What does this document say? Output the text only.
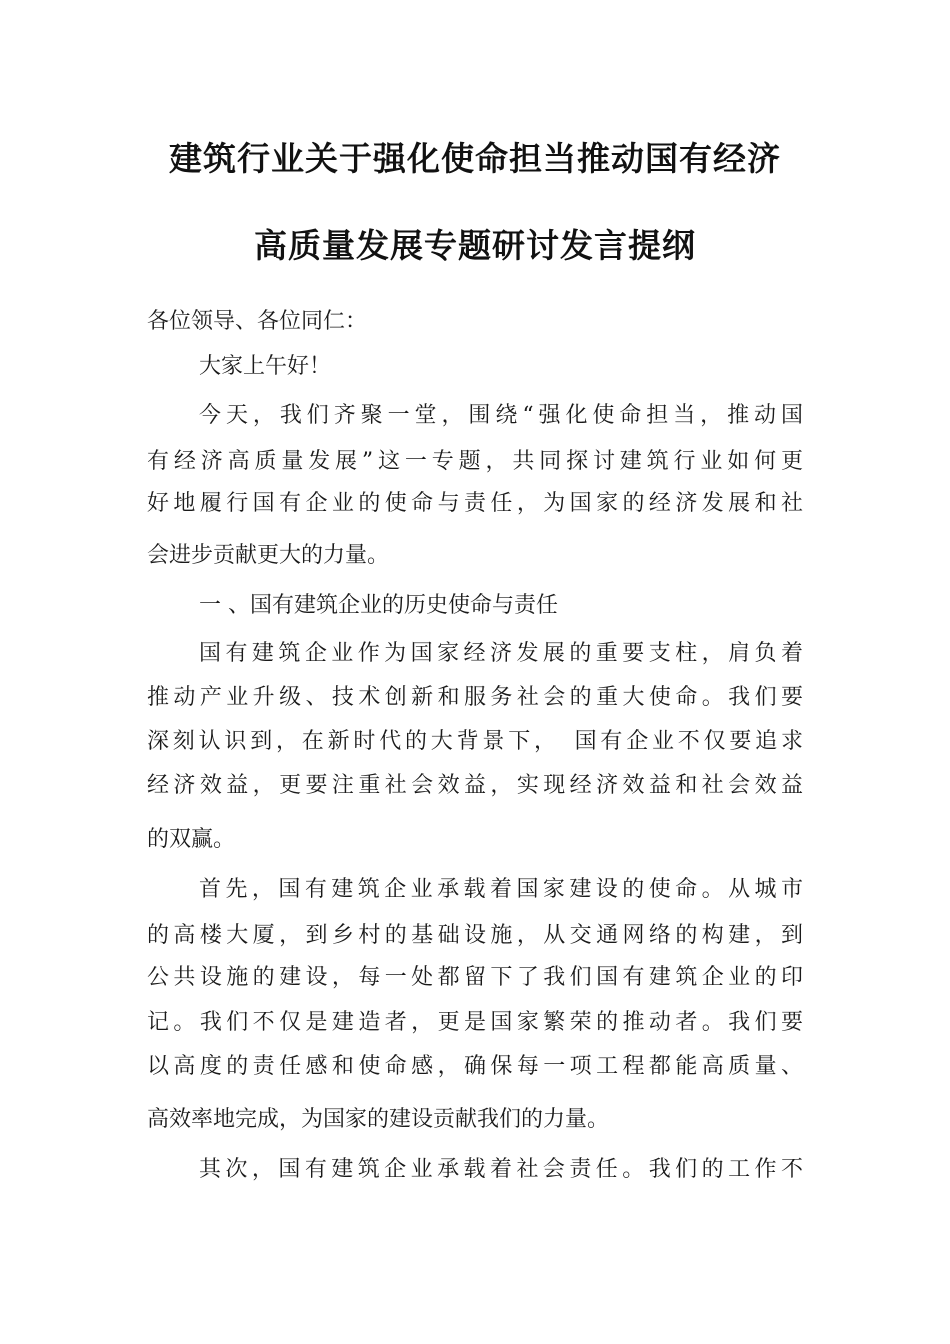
建筑行业关于强化使命担当推动国有经济
高质量发展专题研讨发言提纲
各位领导、各位同仁：
大家上午好！
今天，我们齐聚一堂，围绕“强化使命担当，推动国
有经济高质量发展”这一专题，共同探讨建筑行业如何更
好地履行国有企业的使命与责任，为国家的经济发展和社
会进步贡献更大的力量。
一 、国有建筑企业的历史使命与责任
国有建筑企业作为国家经济发展的重要支柱，肩负着
推动产业升级、技术创新和服务社会的重大使命。我们要
深刻认识到，在新时代的大背景下，　国有企业不仅要追求
经济效益，更要注重社会效益，实现经济效益和社会效益
的双赢。
首先，国有建筑企业承载着国家建设的使命。从城市
的高楼大厦，到乡村的基础设施，从交通网络的构建，到
公共设施的建设，每一处都留下了我们国有建筑企业的印
记。我们不仅是建造者，更是国家繁荣的推动者。我们要
以高度的责任感和使命感，确保每一项工程都能高质量、
高效率地完成，为国家的建设贡献我们的力量。
其次，国有建筑企业承载着社会责任。我们的工作不
